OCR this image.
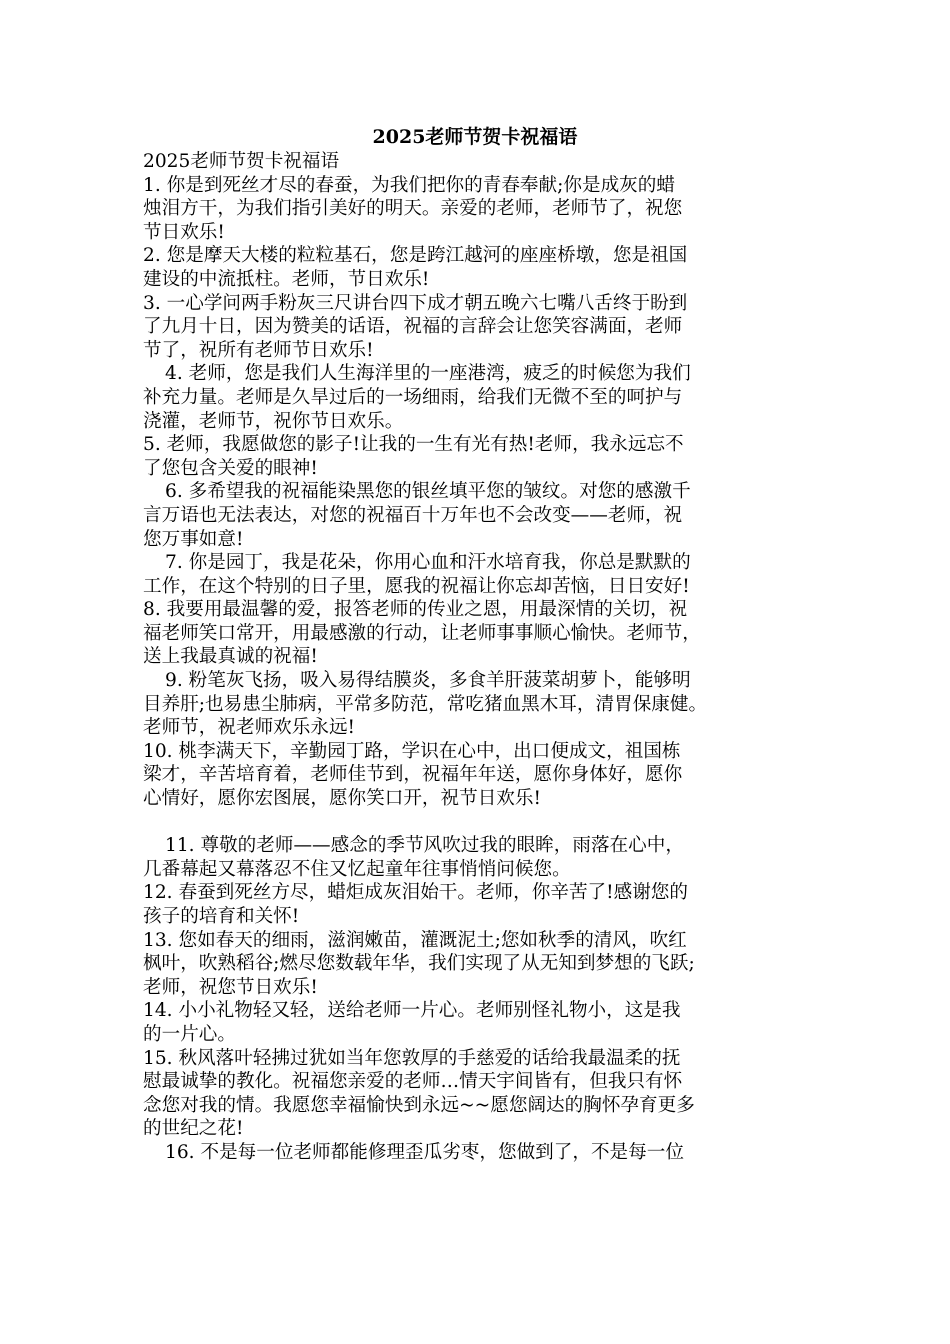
2025老师节贺卡祝福语
2025老师节贺卡祝福语
1. 你是到死丝才尽的春蚕，为我们把你的青春奉献;你是成灰的蜡
烛泪方干，为我们指引美好的明天。亲爱的老师，老师节了，祝您
节日欢乐!
2. 您是摩天大楼的粒粒基石，您是跨江越河的座座桥墩，您是祖国
建设的中流抵柱。老师，节日欢乐!
3. 一心学问两手粉灰三尺讲台四下成才朝五晚六七嘴八舌终于盼到
了九月十日，因为赞美的话语，祝福的言辞会让您笑容满面，老师
节了，祝所有老师节日欢乐!
4. 老师，您是我们人生海洋里的一座港湾，疲乏的时候您为我们
补充力量。老师是久旱过后的一场细雨，给我们无微不至的呵护与
浇灌，老师节，祝你节日欢乐。
5. 老师，我愿做您的影子!让我的一生有光有热!老师，我永远忘不
了您包含关爱的眼神!
6. 多希望我的祝福能染黑您的银丝填平您的皱纹。对您的感激千
言万语也无法表达，对您的祝福百十万年也不会改变——老师，祝
您万事如意!
7. 你是园丁，我是花朵，你用心血和汗水培育我，你总是默默的
工作，在这个特别的日子里，愿我的祝福让你忘却苦恼，日日安好!
8. 我要用最温馨的爱，报答老师的传业之恩，用最深情的关切，祝
福老师笑口常开，用最感激的行动，让老师事事顺心愉快。老师节，
送上我最真诚的祝福!
9. 粉笔灰飞扬，吸入易得结膜炎，多食羊肝菠菜胡萝卜，能够明
目养肝;也易患尘肺病，平常多防范，常吃猪血黑木耳，清胃保康健。
老师节，祝老师欢乐永远!
10. 桃李满天下，辛勤园丁路，学识在心中，出口便成文，祖国栋
梁才，辛苦培育着，老师佳节到，祝福年年送，愿你身体好，愿你
心情好，愿你宏图展，愿你笑口开，祝节日欢乐!
11. 尊敬的老师——感念的季节风吹过我的眼眸，雨落在心中，
几番幕起又幕落忍不住又忆起童年往事悄悄问候您。
12. 春蚕到死丝方尽，蜡炬成灰泪始干。老师，你辛苦了!感谢您的
孩子的培育和关怀!
13. 您如春天的细雨，滋润嫩苗，灌溉泥土;您如秋季的清风，吹红
枫叶，吹熟稻谷;燃尽您数载年华，我们实现了从无知到梦想的飞跃;
老师，祝您节日欢乐!
14. 小小礼物轻又轻，送给老师一片心。老师别怪礼物小，这是我
的一片心。
15. 秋风落叶轻拂过犹如当年您敦厚的手慈爱的话给我最温柔的抚
慰最诚挚的教化。祝福您亲爱的老师…情天宇间皆有，但我只有怀
念您对我的情。我愿您幸福愉快到永远~~愿您阔达的胸怀孕育更多
的世纪之花!
16. 不是每一位老师都能修理歪瓜劣枣，您做到了，不是每一位
